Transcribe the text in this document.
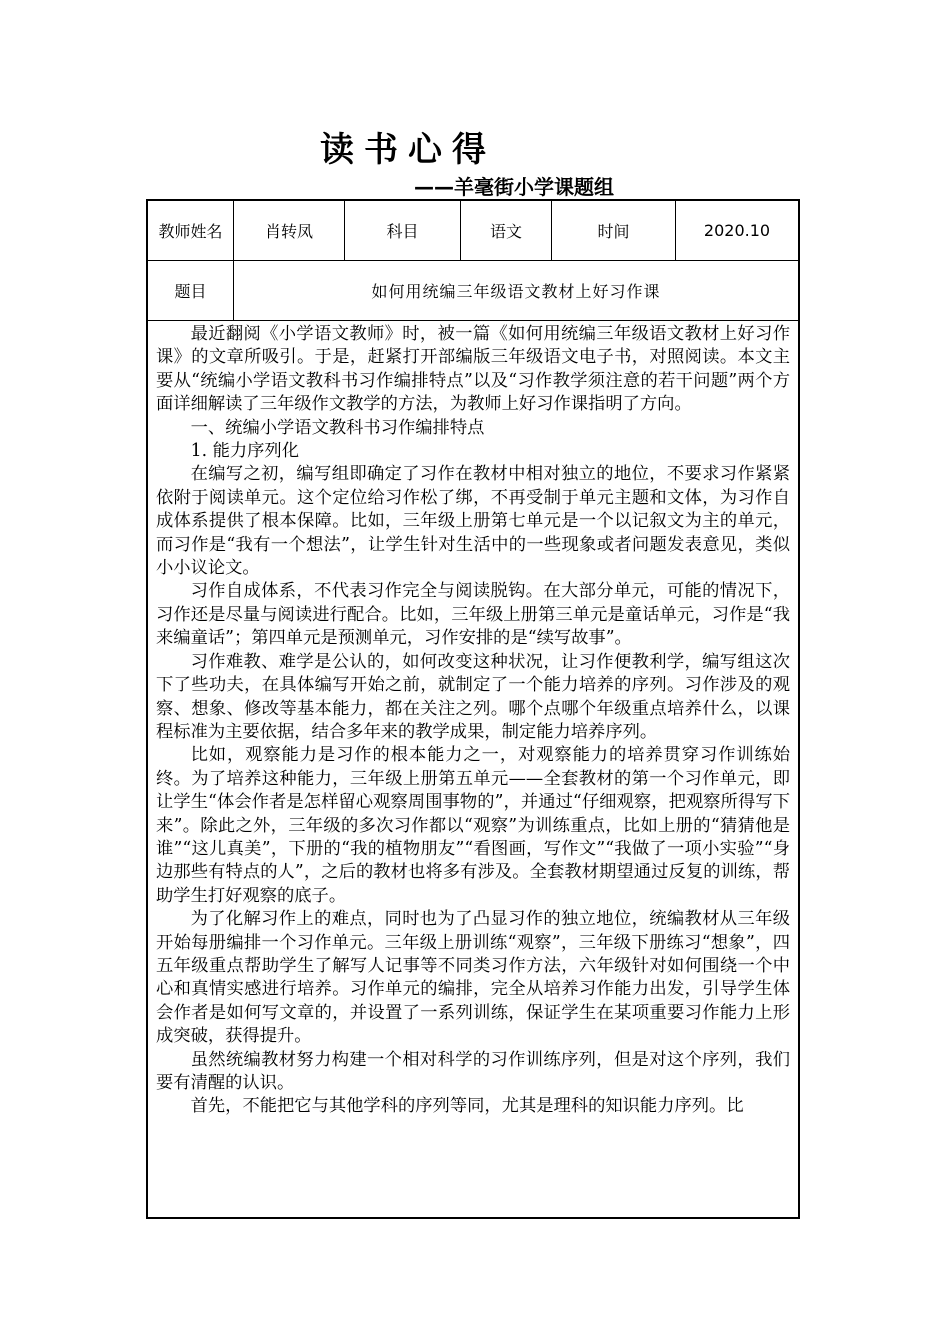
读书心得
——羊毫街小学课题组
教师姓名	肖转凤	科目	语文	时间	2020.10
题目	如何用统编三年级语文教材上好习作课

最近翻阅《小学语文教师》时，被一篇《如何用统编三年级语文教材上好习作课》的文章所吸引。于是，赶紧打开部编版三年级语文电子书，对照阅读。本文主要从“统编小学语文教科书习作编排特点”以及“习作教学须注意的若干问题”两个方面详细解读了三年级作文教学的方法，为教师上好习作课指明了方向。

一、统编小学语文教科书习作编排特点

1. 能力序列化

在编写之初，编写组即确定了习作在教材中相对独立的地位，不要求习作紧紧依附于阅读单元。这个定位给习作松了绑，不再受制于单元主题和文体，为习作自成体系提供了根本保障。比如，三年级上册第七单元是一个以记叙文为主的单元，而习作是“我有一个想法”，让学生针对生活中的一些现象或者问题发表意见，类似小小议论文。

习作自成体系，不代表习作完全与阅读脱钩。在大部分单元，可能的情况下，习作还是尽量与阅读进行配合。比如，三年级上册第三单元是童话单元，习作是“我来编童话”；第四单元是预测单元，习作安排的是“续写故事”。

习作难教、难学是公认的，如何改变这种状况，让习作便教利学，编写组这次下了些功夫，在具体编写开始之前，就制定了一个能力培养的序列。习作涉及的观察、想象、修改等基本能力，都在关注之列。哪个点哪个年级重点培养什么，以课程标准为主要依据，结合多年来的教学成果，制定能力培养序列。

比如，观察能力是习作的根本能力之一，对观察能力的培养贯穿习作训练始终。为了培养这种能力，三年级上册第五单元——全套教材的第一个习作单元，即让学生“体会作者是怎样留心观察周围事物的”，并通过“仔细观察，把观察所得写下来”。除此之外，三年级的多次习作都以“观察”为训练重点，比如上册的“猜猜他是谁”“这儿真美”，下册的“我的植物朋友”“看图画，写作文”“我做了一项小实验”“身边那些有特点的人”，之后的教材也将多有涉及。全套教材期望通过反复的训练，帮助学生打好观察的底子。

为了化解习作上的难点，同时也为了凸显习作的独立地位，统编教材从三年级开始每册编排一个习作单元。三年级上册训练“观察”，三年级下册练习“想象”，四五年级重点帮助学生了解写人记事等不同类习作方法，六年级针对如何围绕一个中心和真情实感进行培养。习作单元的编排，完全从培养习作能力出发，引导学生体会作者是如何写文章的，并设置了一系列训练，保证学生在某项重要习作能力上形成突破，获得提升。

虽然统编教材努力构建一个相对科学的习作训练序列，但是对这个序列，我们要有清醒的认识。

首先，不能把它与其他学科的序列等同，尤其是理科的知识能力序列。比
